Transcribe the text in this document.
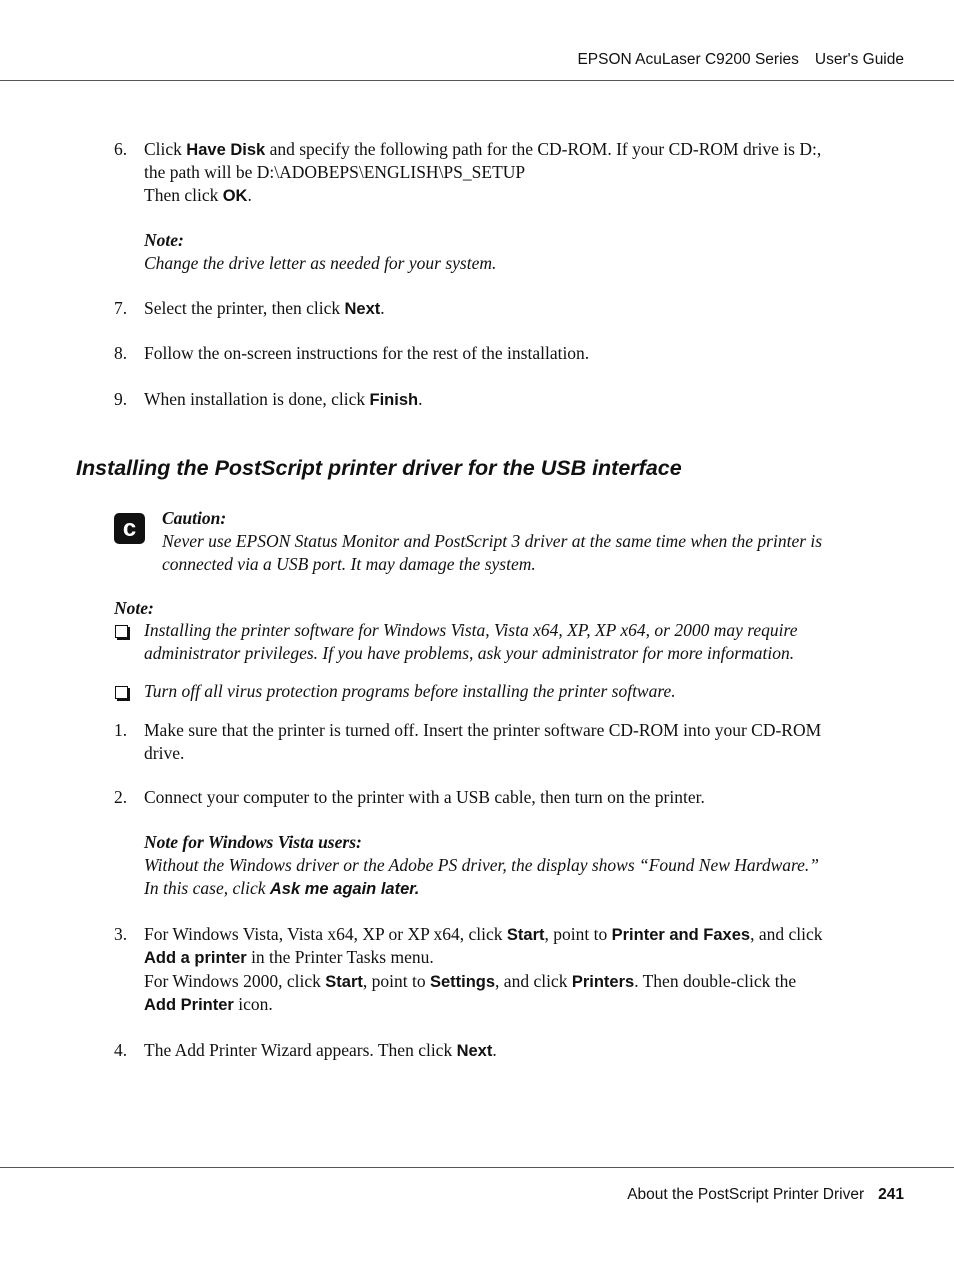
EPSON AcuLaser C9200 Series User's Guide
6. Click Have Disk and specify the following path for the CD-ROM. If your CD-ROM drive is D:,
the path will be D:\ADOBEPS\ENGLISH\PS_SETUP
Then click OK.
Note:
Change the drive letter as needed for your system.
7. Select the printer, then click Next.
8. Follow the on-screen instructions for the rest of the installation.
9. When installation is done, click Finish.
Installing the PostScript printer driver for the USB interface
c	Caution:
Never use EPSON Status Monitor and PostScript 3 driver at the same time when the printer is
connected via a USB port. It may damage the system.
Note:
Installing the printer software for Windows Vista, Vista x64, XP, XP x64, or 2000 may require
administrator privileges. If you have problems, ask your administrator for more information.
Turn off all virus protection programs before installing the printer software.
1. Make sure that the printer is turned off. Insert the printer software CD-ROM into your CD-ROM
drive.
2. Connect your computer to the printer with a USB cable, then turn on the printer.
Note for Windows Vista users:
Without the Windows driver or the Adobe PS driver, the display shows “Found New Hardware.”
In this case, click Ask me again later.
3. For Windows Vista, Vista x64, XP or XP x64, click Start, point to Printer and Faxes, and click
Add a printer in the Printer Tasks menu.
For Windows 2000, click Start, point to Settings, and click Printers. Then double-click the
Add Printer icon.
4. The Add Printer Wizard appears. Then click Next.
About the PostScript Printer Driver 241
